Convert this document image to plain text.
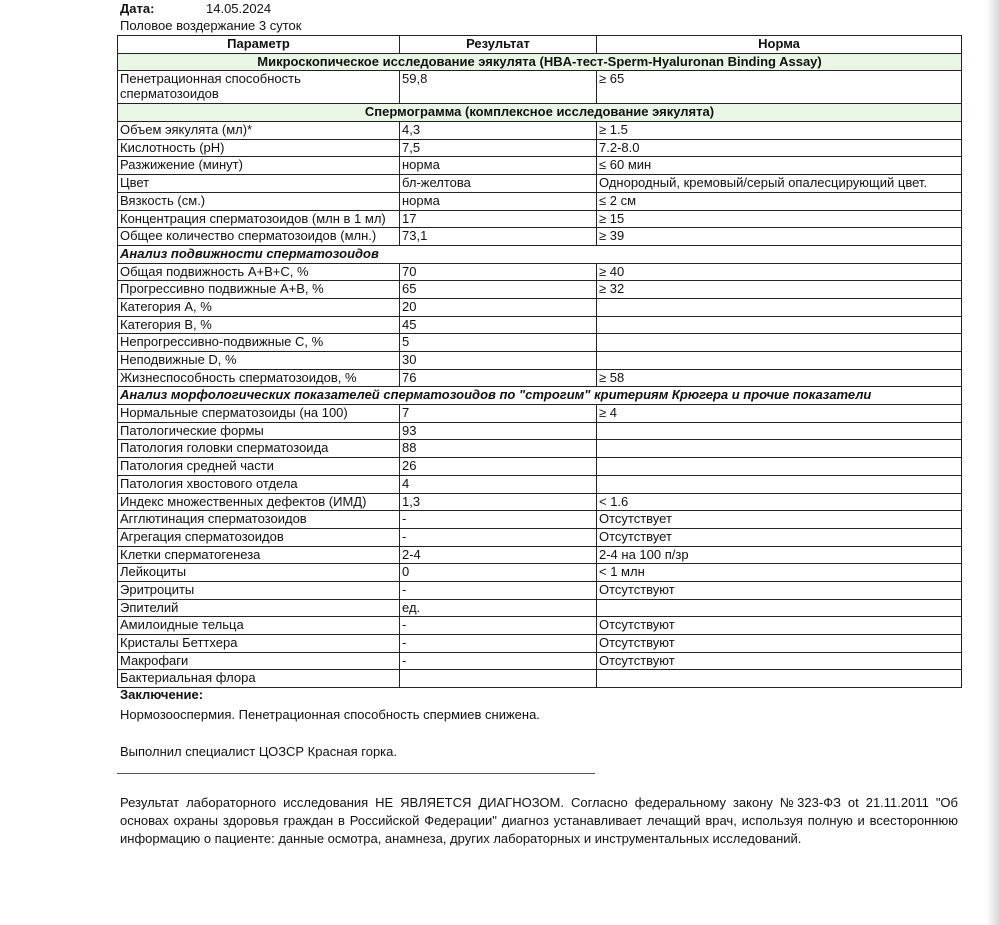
Дата:	14.05.2024
Половое воздержание 3 суток
Параметр	Результат	Норма
Микроскопическое исследование эякулята (HBA-тест-Sperm-Hyaluronan Binding Assay)		
Пенетрационная способность сперматозоидов	59,8	≥ 65
Спермограмма (комплексное исследование эякулята)		
Объем эякулята (мл)*	4,3	≥ 1.5
Кислотность (pH)	7,5	7.2-8.0
Разжижение (минут)	норма	≤ 60 мин
Цвет	бл-желтова	Однородный, кремовый/серый опалесцирующий цвет.
Вязкость (см.)	норма	≤ 2 см
Концентрация сперматозоидов (млн в 1 мл)	17	≥ 15
Общее количество сперматозоидов (млн.)	73,1	≥ 39
Анализ подвижности сперматозоидов		
Общая подвижность A+B+C, %	70	≥ 40
Прогрессивно подвижные A+B, %	65	≥ 32
Категория A, %	20	
Категория B, %	45	
Непрогрессивно-подвижные C, %	5	
Неподвижные D, %	30	
Жизнеспособность сперматозоидов, %	76	≥ 58
Анализ морфологических показателей сперматозоидов по "строгим" критериям Крюгера и прочие показатели		
Нормальные сперматозоиды (на 100)	7	≥ 4
Патологические формы	93	
Патология головки сперматозоида	88	
Патология средней части	26	
Патология хвостового отдела	4	
Индекс множественных дефектов (ИМД)	1,3	< 1.6
Агглютинация сперматозоидов	-	Отсутствует
Агрегация сперматозоидов	-	Отсутствует
Клетки сперматогенеза	2-4	2-4 на 100 п/зр
Лейкоциты	0	< 1 млн
Эритроциты	-	Отсутствуют
Эпителий	ед.	
Амилоидные тельца	-	Отсутствуют
Кристалы Беттхера	-	Отсутствуют
Макрофаги	-	Отсутствуют
Бактериальная флора		
Заключение:
Нормозооспермия. Пенетрационная способность спермиев снижена.
Выполнил специалист ЦОЗСР Красная горка.
Результат лабораторного исследования НЕ ЯВЛЯЕТСЯ ДИАГНОЗОМ. Согласно федеральному закону №323-ФЗ ot 21.11.2011 "Об основах охраны здоровья граждан в Российской Федерации" диагноз устанавливает лечащий врач, используя полную и всестороннюю информацию о пациенте: данные осмотра, анамнеза, других лабораторных и инструментальных исследований.
